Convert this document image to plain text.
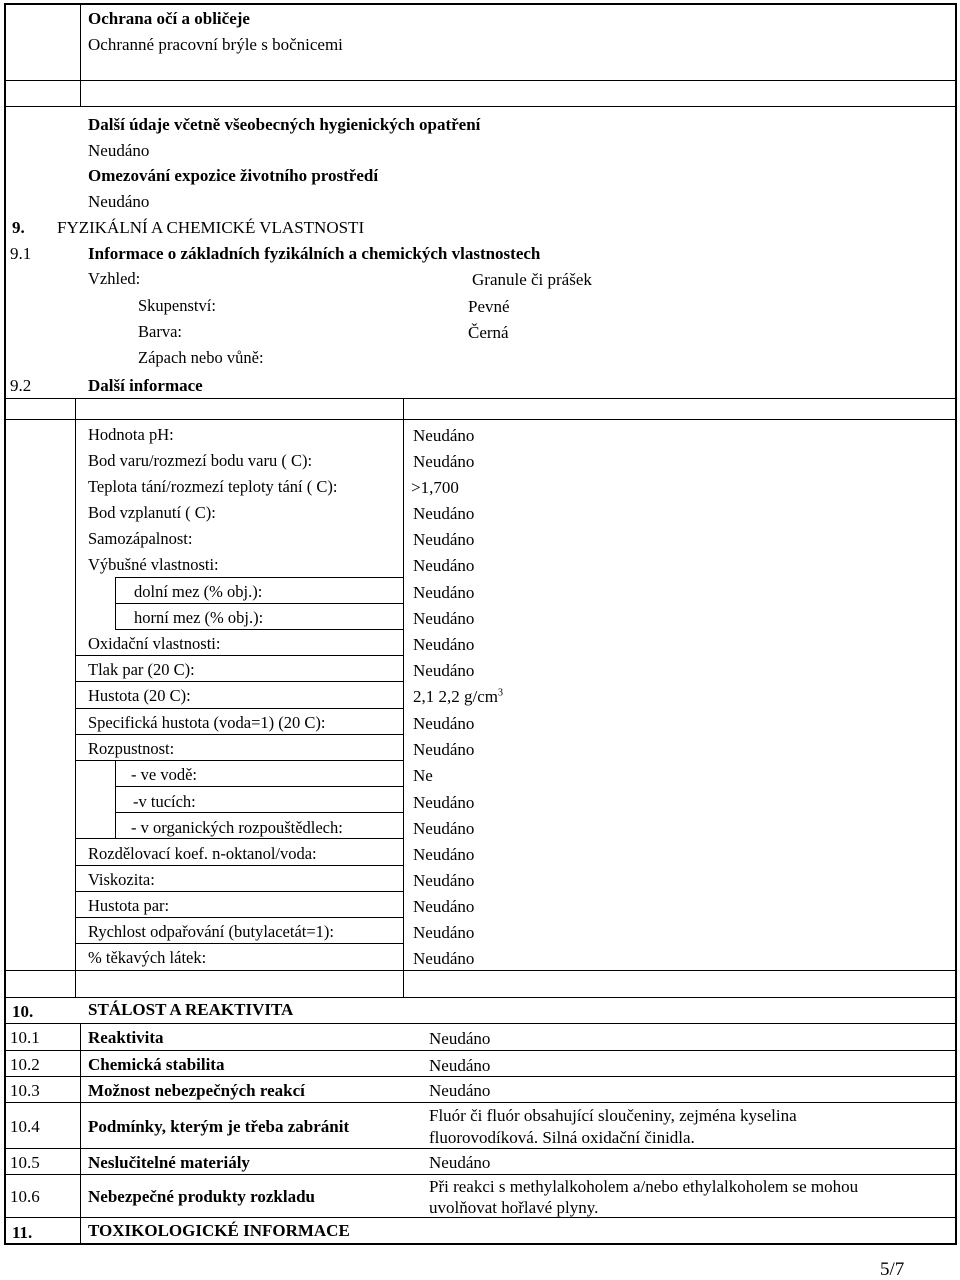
Ochrana očí a obličeje
Ochranné pracovní brýle s bočnicemi
Další údaje včetně všeobecných hygienických opatření
Neudáno
Omezování expozice životního prostředí
Neudáno
9. FYZIKÁLNÍ A CHEMICKÉ VLASTNOSTI
9.1	Informace o základních fyzikálních a chemických vlastnostech
Vzhled:	Granule či prášek
Skupenství:	Pevné
Barva:	Černá
Zápach nebo vůně:
9.2	Další informace
Hodnota pH:	Neudáno
Bod varu/rozmezí bodu varu ( C):	Neudáno
Teplota tání/rozmezí teploty tání ( C):	>1,700
Bod vzplanutí ( C):	Neudáno
Samozápalnost:	Neudáno
Výbušné vlastnosti:	Neudáno
dolní mez (% obj.):	Neudáno
horní mez (% obj.):	Neudáno
Oxidační vlastnosti:	Neudáno
Tlak par (20 C):	Neudáno
Hustota (20 C):	2,1 2,2 $g/cm^3$
Specifická hustota (voda=1) (20 C):	Neudáno
Rozpustnost:	Neudáno
- ve vodě:	Ne
-v tucích:	Neudáno
- v organických rozpouštědlech:	Neudáno
Rozdělovací koef. n-oktanol/voda:	Neudáno
Viskozita:	Neudáno
Hustota par:	Neudáno
Rychlost odpařování (butylacetát=1):	Neudáno
% těkavých látek:	Neudáno
10.	STÁLOST A REAKTIVITA
10.1	Reaktivita	Neudáno
10.2	Chemická stabilita	Neudáno
10.3	Možnost nebezpečných reakcí	Neudáno
10.4	Podmínky, kterým je třeba zabránit
Fluór či fluór obsahující sloučeniny, zejména kyselina
fluorovodíková. Silná oxidační činidla.
10.5	Neslučitelné materiály	Neudáno
10.6	Nebezpečné produkty rozkladu
Při reakci s methylalkoholem a/nebo ethylalkoholem se mohou
uvolňovat hořlavé plyny.
11.	TOXIKOLOGICKÉ INFORMACE
5/7
